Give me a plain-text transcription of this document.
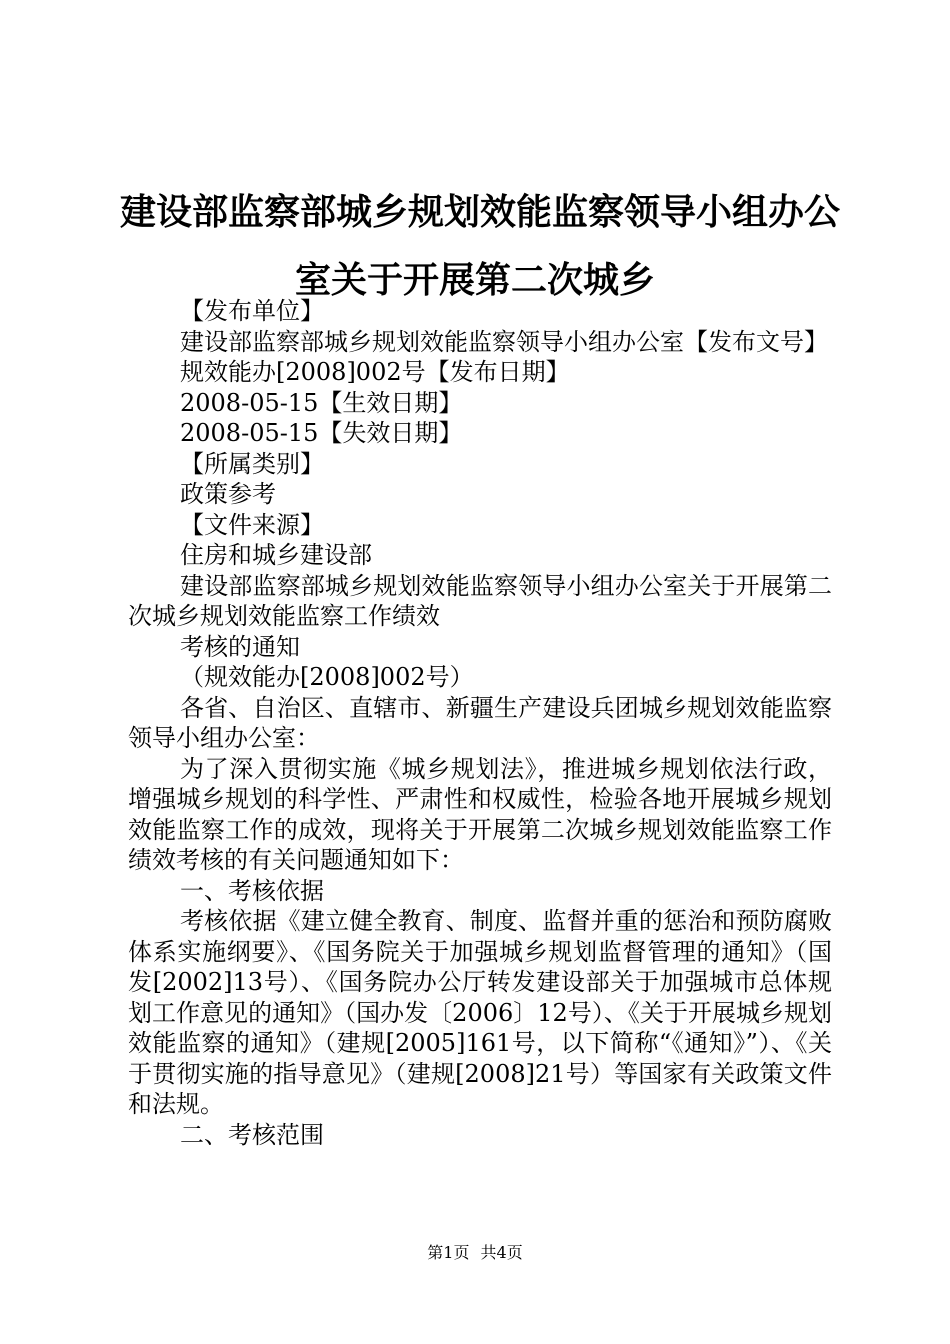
建设部监察部城乡规划效能监察领导小组办公
室关于开展第二次城乡

【发布单位】

建设部监察部城乡规划效能监察领导小组办公室【发布文号】

规效能办[2008]002号【发布日期】

2008-05-15【生效日期】

2008-05-15【失效日期】

【所属类别】

政策参考

【文件来源】

住房和城乡建设部

建设部监察部城乡规划效能监察领导小组办公室关于开展第二次城乡规划效能监察工作绩效

考核的通知

（规效能办[2008]002号）

各省、自治区、直辖市、新疆生产建设兵团城乡规划效能监察领导小组办公室：

为了深入贯彻实施《城乡规划法》，推进城乡规划依法行政，增强城乡规划的科学性、严肃性和权威性，检验各地开展城乡规划效能监察工作的成效，现将关于开展第二次城乡规划效能监察工作绩效考核的有关问题通知如下：

一、考核依据

考核依据《建立健全教育、制度、监督并重的惩治和预防腐败体系实施纲要》、《国务院关于加强城乡规划监督管理的通知》（国发[2002]13号）、《国务院办公厅转发建设部关于加强城市总体规划工作意见的通知》（国办发〔2006〕12号）、《关于开展城乡规划效能监察的通知》（建规[2005]161号，以下简称“《通知》”）、《关于贯彻实施的指导意见》（建规[2008]21号）等国家有关政策文件和法规。

二、考核范围

第1页 共4页
